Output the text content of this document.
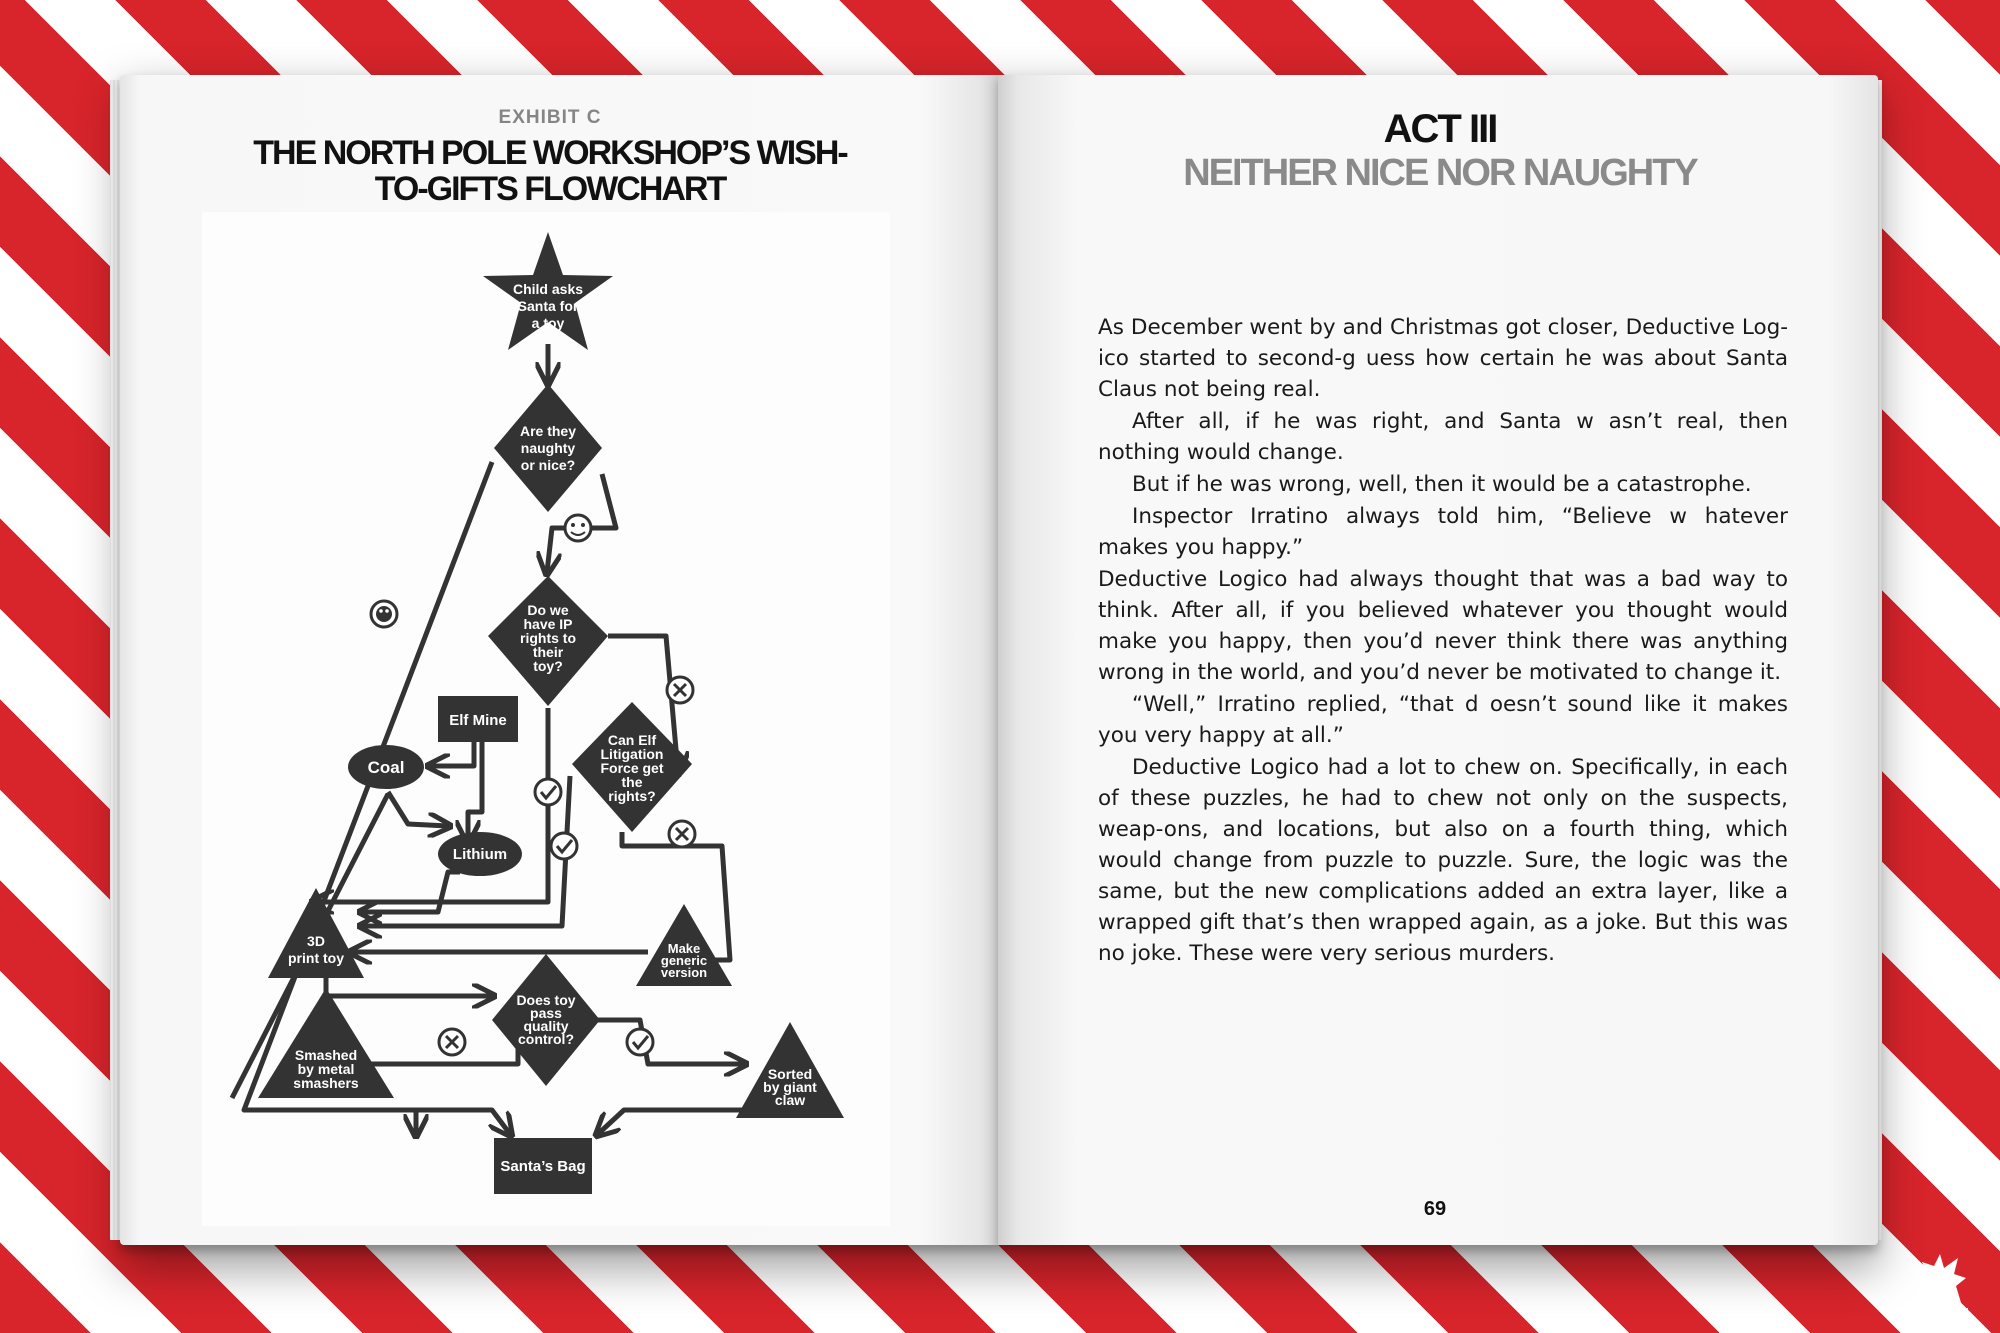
EXHIBIT C
THE NORTH POLE WORKSHOP’S WISH-TO-GIFTS FLOWCHART
Child asks Santa for a toy
Are they naughty or nice?
Do we have IP rights to their toy?
Elf Mine
Coal
Can Elf Litigation Force get the rights?
Lithium
3D print toy
Make generic version
Does toy pass quality control?
Smashed by metal smashers
Sorted by giant claw
Santa’s Bag
ACT III
NEITHER NICE NOR NAUGHTY

As December went by and Christmas got closer, Deductive Log-ico started to second-g uess how certain he was about Santa Claus not being real.

After all, if he was right, and Santa w asn’t real, then nothing would change.

But if he was wrong, well, then it would be a catastrophe.

Inspector Irratino always told him, “Believe w hatever makes you happy.”

Deductive Logico had always thought that was a bad way to think. After all, if you believed whatever you thought would make you happy, then you’d never think there was anything wrong in the world, and you’d never be motivated to change it.

“Well,” Irratino replied, “that d oesn’t sound like it makes you very happy at all.”

Deductive Logico had a lot to chew on. Specifically, in each of these puzzles, he had to chew not only on the suspects, weap-ons, and locations, but also on a fourth thing, which would change from puzzle to puzzle. Sure, the logic was the same, but the new complications added an extra layer, like a wrapped gift that’s then wrapped again, as a joke. But this was no joke. These were very serious murders.

69
